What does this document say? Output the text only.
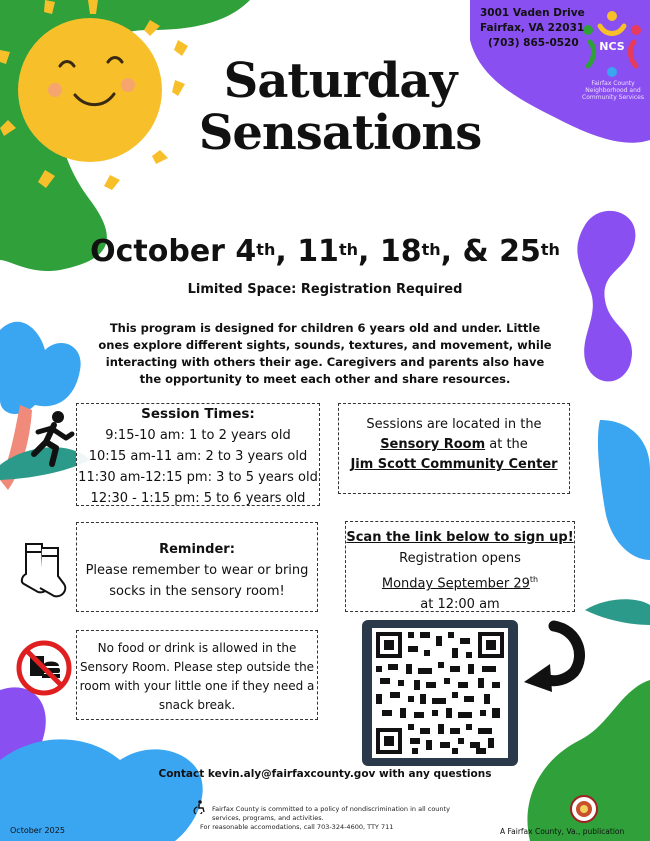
NCS
Fairfax County Neighborhood and Community Services
3001 Vaden Drive
Fairfax, VA 22031
(703) 865-0520
Saturday
Sensations
October 4th, 11th, 18th, & 25th
Limited Space: Registration Required
This program is designed for children 6 years old and under. Little ones explore different sights, sounds, textures, and movement, while interacting with others their age. Caregivers and parents also have the opportunity to meet each other and share resources.
Session Times:
9:15-10 am: 1 to 2 years old
10:15 am-11 am: 2 to 3 years old
11:30 am-12:15 pm: 3 to 5 years old
12:30 - 1:15 pm: 5 to 6 years old
Sessions are located in the
Sensory Room at the
Jim Scott Community Center
Reminder:
Please remember to wear or bring socks in the sensory room!
Scan the link below to sign up!
Registration opens
Monday September 29th
at 12:00 am
No food or drink is allowed in the Sensory Room. Please step outside the room with your little one if they need a snack break.
Contact kevin.aly@fairfaxcounty.gov with any questions
Fairfax County is committed to a policy of nondiscrimination in all county services, programs, and activities.
For reasonable accomodations, call 703-324-4600, TTY 711
October 2025	A Fairfax County, Va., publication
